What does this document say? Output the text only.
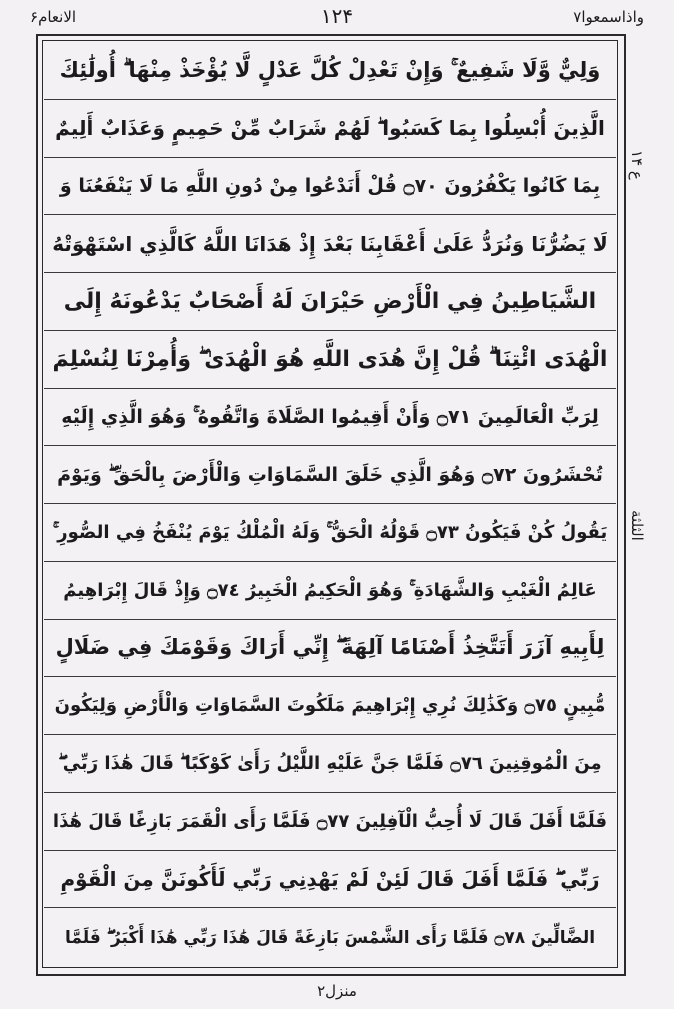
الانعام۶	۱۲۴	واذاسمعوا۷
وَلِيٌّ وَّلَا شَفِيعٌ ۚ وَإِنْ تَعْدِلْ كُلَّ عَدْلٍ لَّا يُؤْخَذْ مِنْهَا ۗ أُولَٰئِكَ
الَّذِينَ أُبْسِلُوا بِمَا كَسَبُوا ۖ لَهُمْ شَرَابٌ مِّنْ حَمِيمٍ وَعَذَابٌ أَلِيمٌ
بِمَا كَانُوا يَكْفُرُونَ ۝٧٠ قُلْ أَنَدْعُوا مِنْ دُونِ اللَّهِ مَا لَا يَنْفَعُنَا وَ
لَا يَضُرُّنَا وَنُرَدُّ عَلَىٰ أَعْقَابِنَا بَعْدَ إِذْ هَدَانَا اللَّهُ كَالَّذِي اسْتَهْوَتْهُ
الشَّيَاطِينُ فِي الْأَرْضِ حَيْرَانَ لَهُ أَصْحَابٌ يَدْعُونَهُ إِلَى
الْهُدَى ائْتِنَا ۗ قُلْ إِنَّ هُدَى اللَّهِ هُوَ الْهُدَىٰ ۖ وَأُمِرْنَا لِنُسْلِمَ
لِرَبِّ الْعَالَمِينَ ۝٧١ وَأَنْ أَقِيمُوا الصَّلَاةَ وَاتَّقُوهُ ۚ وَهُوَ الَّذِي إِلَيْهِ
تُحْشَرُونَ ۝٧٢ وَهُوَ الَّذِي خَلَقَ السَّمَاوَاتِ وَالْأَرْضَ بِالْحَقِّ ۖ وَيَوْمَ
يَقُولُ كُنْ فَيَكُونُ ۝٧٣ قَوْلُهُ الْحَقُّ ۚ وَلَهُ الْمُلْكُ يَوْمَ يُنْفَخُ فِي الصُّورِ ۚ
عَالِمُ الْغَيْبِ وَالشَّهَادَةِ ۚ وَهُوَ الْحَكِيمُ الْخَبِيرُ ۝٧٤ وَإِذْ قَالَ إِبْرَاهِيمُ
لِأَبِيهِ آزَرَ أَتَتَّخِذُ أَصْنَامًا آلِهَةً ۖ إِنِّي أَرَاكَ وَقَوْمَكَ فِي ضَلَالٍ
مُّبِينٍ ۝٧٥ وَكَذَٰلِكَ نُرِي إِبْرَاهِيمَ مَلَكُوتَ السَّمَاوَاتِ وَالْأَرْضِ وَلِيَكُونَ
مِنَ الْمُوقِنِينَ ۝٧٦ فَلَمَّا جَنَّ عَلَيْهِ اللَّيْلُ رَأَىٰ كَوْكَبًا ۖ قَالَ هَٰذَا رَبِّي ۖ
فَلَمَّا أَفَلَ قَالَ لَا أُحِبُّ الْآفِلِينَ ۝٧٧ فَلَمَّا رَأَى الْقَمَرَ بَازِغًا قَالَ هَٰذَا
رَبِّي ۖ فَلَمَّا أَفَلَ قَالَ لَئِنْ لَمْ يَهْدِنِي رَبِّي لَأَكُونَنَّ مِنَ الْقَوْمِ
الضَّالِّينَ ۝٧٨ فَلَمَّا رَأَى الشَّمْسَ بَازِغَةً قَالَ هَٰذَا رَبِّي هَٰذَا أَكْبَرُ ۖ فَلَمَّا
ع ۱۴
الثلثة
منزل۲
